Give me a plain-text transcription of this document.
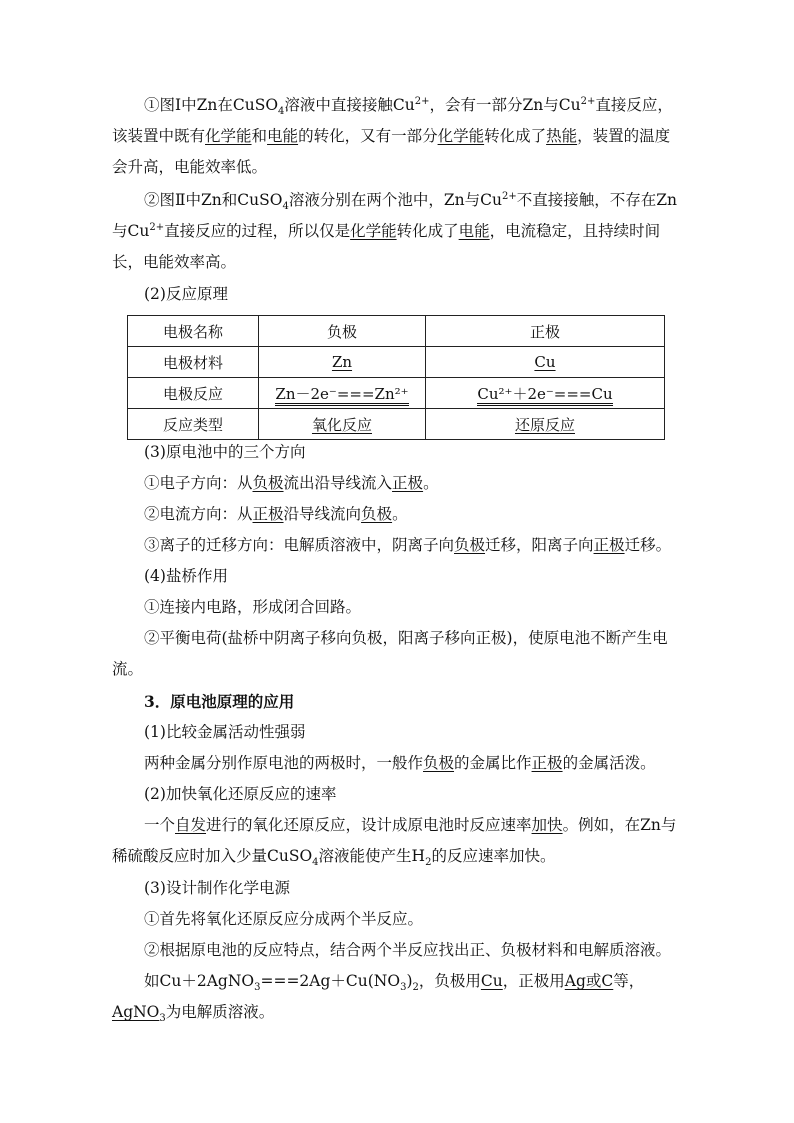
①图Ⅰ中Zn在CuSO$_4$溶液中直接接触$Cu^{2+}$，会有一部分Zn与$Cu^{2+}$直接反应，该装置中既有化学能和电能的转化，又有一部分化学能转化成了热能，装置的温度会升高，电能效率低。

②图Ⅱ中Zn和CuSO$_4$溶液分别在两个池中，Zn与$Cu^{2+}$不直接接触，不存在Zn与$Cu^{2+}$直接反应的过程，所以仅是化学能转化成了电能，电流稳定，且持续时间长，电能效率高。

(2)反应原理

电极名称	负极	正极
电极材料	Zn	Cu
电极反应	Zn－2e⁻===Zn²⁺	Cu²⁺＋2e⁻===Cu
反应类型	氧化反应	还原反应

(3)原电池中的三个方向

①电子方向：从负极流出沿导线流入正极。

②电流方向：从正极沿导线流向负极。

③离子的迁移方向：电解质溶液中，阴离子向负极迁移，阳离子向正极迁移。

(4)盐桥作用

①连接内电路，形成闭合回路。

②平衡电荷(盐桥中阴离子移向负极，阳离子移向正极)，使原电池不断产生电流。

3．原电池原理的应用

(1)比较金属活动性强弱

两种金属分别作原电池的两极时，一般作负极的金属比作正极的金属活泼。

(2)加快氧化还原反应的速率

一个自发进行的氧化还原反应，设计成原电池时反应速率加快。例如，在Zn与稀硫酸反应时加入少量CuSO$_4$溶液能使产生$H_2$的反应速率加快。

(3)设计制作化学电源

①首先将氧化还原反应分成两个半反应。

②根据原电池的反应特点，结合两个半反应找出正、负极材料和电解质溶液。

如$Cu+2AgNO_3===2Ag+Cu(NO_3)_2$，负极用Cu，正极用Ag或C等，AgNO$_3$为电解质溶液。
